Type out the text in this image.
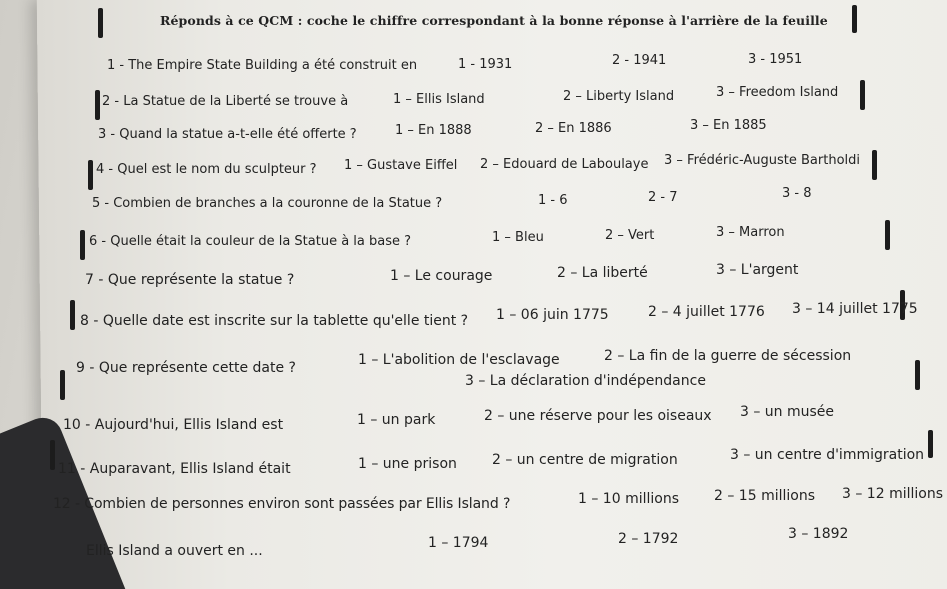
Réponds à ce QCM : coche le chiffre correspondant à la bonne réponse à l'arrière de la feuille
1 - The Empire State Building a été construit en	1 - 1931	2 - 1941	3 - 1951
2 - La Statue de la Liberté se trouve à	1 – Ellis Island	2 – Liberty Island	3 – Freedom Island
3 - Quand la statue a-t-elle été offerte ?	1 – En 1888	2 – En 1886	3 – En 1885
4 - Quel est le nom du sculpteur ? 1 – Gustave Eiffel 2 – Edouard de Laboulaye 3 – Frédéric-Auguste Bartholdi
5 - Combien de branches a la couronne de la Statue ?	1 - 6	2 - 7	3 - 8
6 - Quelle était la couleur de la Statue à la base ?	1 – Bleu	2 – Vert	3 – Marron
7 - Que représente la statue ?	1 – Le courage	2 – La liberté	3 – L'argent
8 - Quelle date est inscrite sur la tablette qu'elle tient ? 1 – 06 juin 1775	2 – 4 juillet 1776 3 – 14 juillet 1775
9 - Que représente cette date ?	1 – L'abolition de l'esclavage	2 – La fin de la guerre de sécession
3 – La déclaration d'indépendance
10 - Aujourd'hui, Ellis Island est	1 – un park	2 – une réserve pour les oiseaux 3 – un musée
11 - Auparavant, Ellis Island était	1 – une prison	2 – un centre de migration	3 – un centre d'immigration
12 - Combien de personnes environ sont passées par Ellis Island ?	1 – 10 millions 2 – 15 millions 3 – 12 millions
Ellis Island a ouvert en ...	1 – 1794	2 – 1792	3 – 1892
